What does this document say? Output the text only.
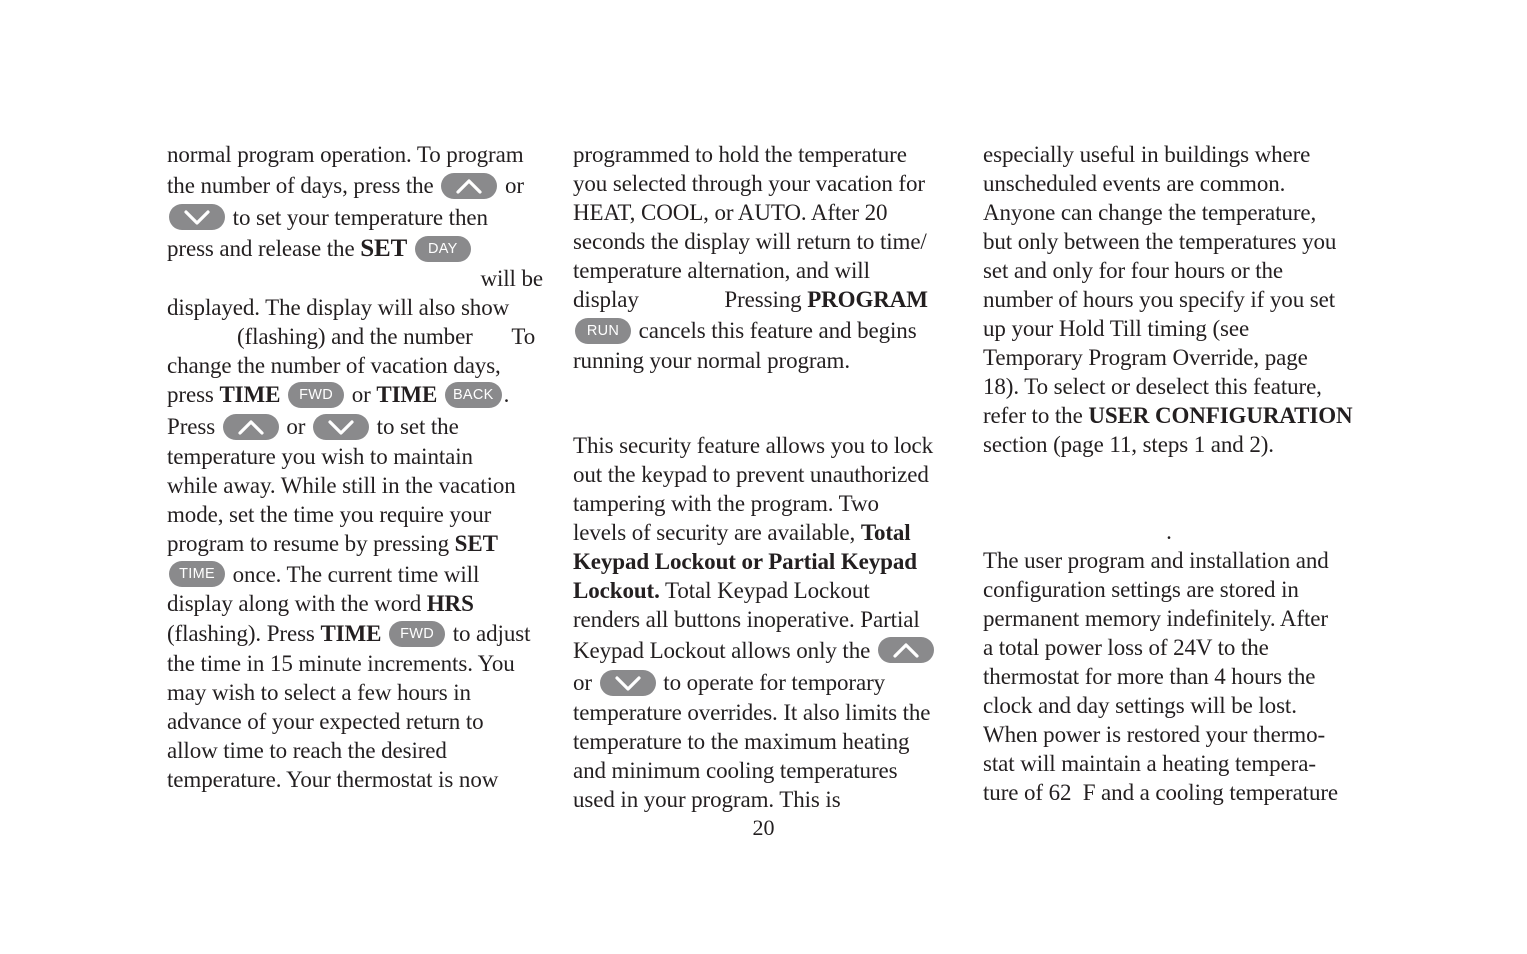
normal program operation. To program

the number of days, press the	or

to set your temperature then

press and release the SET DAY

will be

displayed. The display will also show

(flashing) and the number To

change the number of vacation days,

press TIME FWD or TIME BACK .

Press	or	to set the

temperature you wish to maintain

while away. While still in the vacation

mode, set the time you require your

program to resume by pressing SET

TIME once. The current time will

display along with the word HRS

(flashing). Press TIME FWD to adjust

the time in 15 minute increments. You

may wish to select a few hours in

advance of your expected return to

allow time to reach the desired

temperature. Your thermostat is now

programmed to hold the temperature

you selected through your vacation for

HEAT, COOL, or AUTO. After 20

seconds the display will return to time/

temperature alternation, and will

display	Pressing PROGRAM

RUN cancels this feature and begins

running your normal program.

This security feature allows you to lock

out the keypad to prevent unauthorized

tampering with the program. Two

levels of security are available, Total

Keypad Lockout or Partial Keypad

Lockout. Total Keypad Lockout

renders all buttons inoperative. Partial

Keypad Lockout allows only the

or	to operate for temporary

temperature overrides. It also limits the

temperature to the maximum heating

and minimum cooling temperatures

used in your program. This is

especially useful in buildings where

unscheduled events are common.

Anyone can change the temperature,

but only between the temperatures you

set and only for four hours or the

number of hours you specify if you set

up your Hold Till timing (see

Temporary Program Override, page

18). To select or deselect this feature,

refer to the USER CONFIGURATION

section (page 11, steps 1 and 2).

.

The user program and installation and

configuration settings are stored in

permanent memory indefinitely. After

a total power loss of 24V to the

thermostat for more than 4 hours the

clock and day settings will be lost.

When power is restored your thermo-

stat will maintain a heating tempera-

ture of 62  F and a cooling temperature

20
